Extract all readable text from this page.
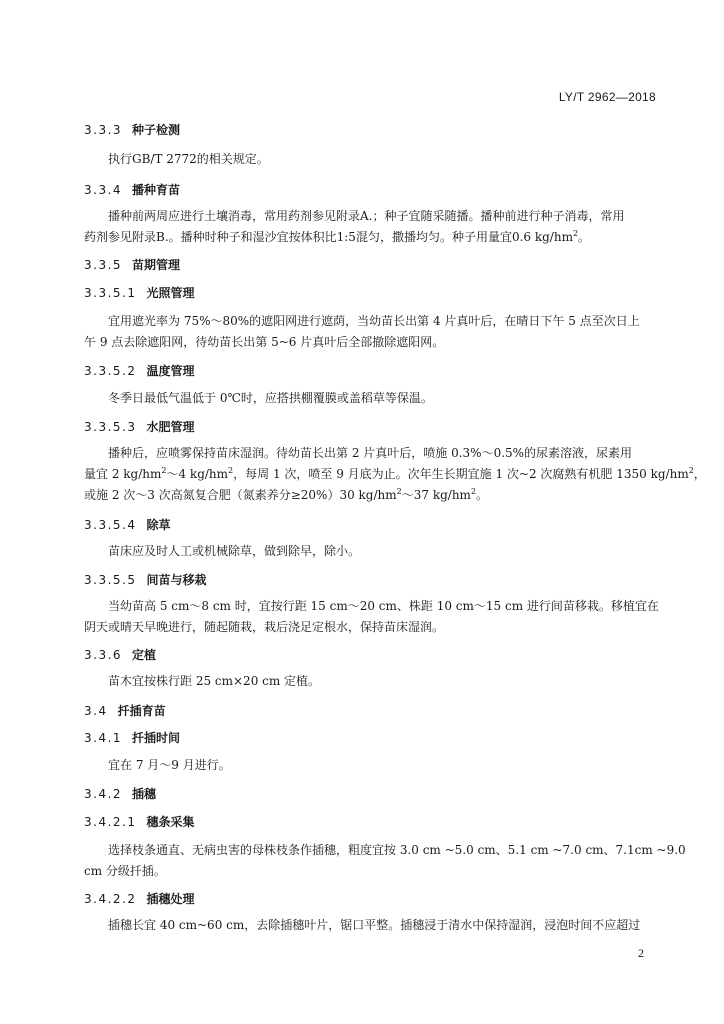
LY/T 2962—2018
3.3.3 种子检测
执行GB/T 2772的相关规定。
3.3.4 播种育苗
播种前两周应进行土壤消毒，常用药剂参见附录A.；种子宜随采随播。播种前进行种子消毒，常用
药剂参见附录B.。播种时种子和湿沙宜按体积比1:5混匀，撒播均匀。种子用量宜0.6 $kg/hm^2$。
3.3.5 苗期管理
3.3.5.1 光照管理
宜用遮光率为 75%～80%的遮阳网进行遮荫，当幼苗长出第 4 片真叶后，在晴日下午 5 点至次日上
午 9 点去除遮阳网，待幼苗长出第 5~6 片真叶后全部撤除遮阳网。
3.3.5.2 温度管理
冬季日最低气温低于 0℃时，应搭拱棚覆膜或盖稻草等保温。
3.3.5.3 水肥管理
播种后，应喷雾保持苗床湿润。待幼苗长出第 2 片真叶后，喷施 0.3%～0.5%的尿素溶液，尿素用
量宜 2 $kg/hm^2\sim 4$ $kg/hm^2$，每周 1 次，喷至 9 月底为止。次年生长期宜施 1 次~2 次腐熟有机肥 1350 $kg/hm^2$，
或施 2 次～3 次高氮复合肥（氮素养分≥20%）30 $kg/hm^2\sim 37$ $kg/hm^2$。
3.3.5.4 除草
苗床应及时人工或机械除草，做到除早，除小。
3.3.5.5 间苗与移栽
当幼苗高 5 cm～8 cm 时，宜按行距 15 cm～20 cm、株距 10 cm～15 cm 进行间苗移栽。移植宜在
阴天或晴天早晚进行，随起随栽，栽后浇足定根水，保持苗床湿润。
3.3.6 定植
苗木宜按株行距 25 cm×20 cm 定植。
3.4 扦插育苗
3.4.1 扦插时间
宜在 7 月～9 月进行。
3.4.2 插穗
3.4.2.1 穗条采集
选择枝条通直、无病虫害的母株枝条作插穗，粗度宜按 3.0 cm ~5.0 cm、5.1 cm ~7.0 cm、7.1cm ~9.0
cm 分级扦插。
3.4.2.2 插穗处理
插穗长宜 40 cm~60 cm，去除插穗叶片，锯口平整。插穗浸于清水中保持湿润，浸泡时间不应超过
2
